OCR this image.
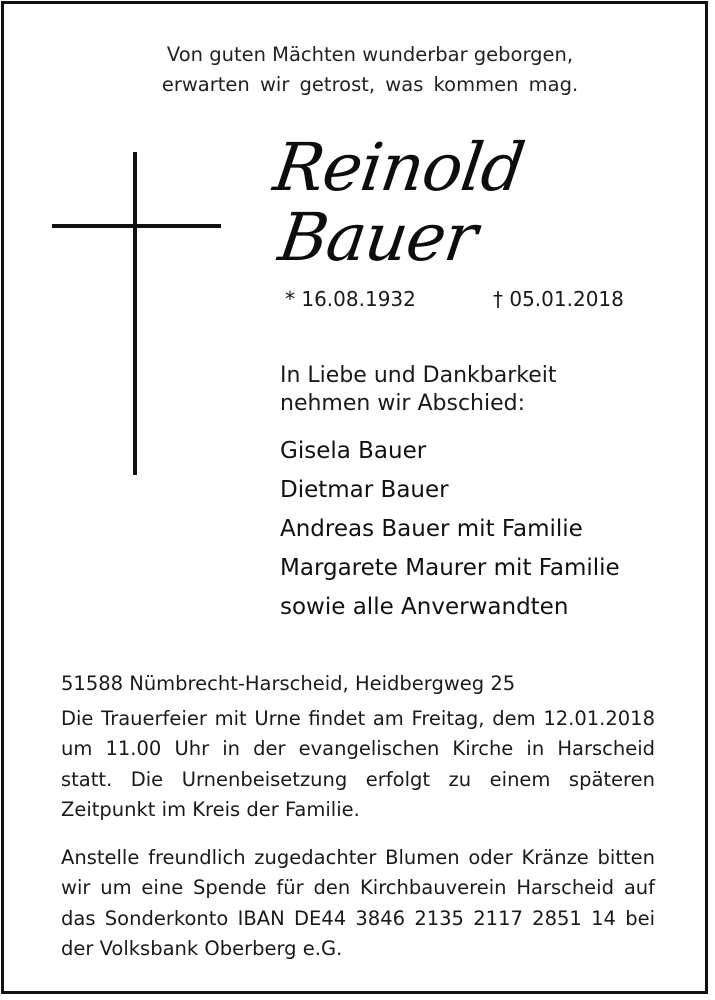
Von guten Mächten wunderbar geborgen,
erwarten wir getrost, was kommen mag.
Reinold
Bauer
* 16.08.1932	† 05.01.2018
In Liebe und Dankbarkeit
nehmen wir Abschied:
Gisela Bauer
Dietmar Bauer
Andreas Bauer mit Familie
Margarete Maurer mit Familie
sowie alle Anverwandten
51588 Nümbrecht-Harscheid, Heidbergweg 25
Die Trauerfeier mit Urne findet am Freitag, dem 12.01.2018 um 11.00 Uhr in der evangelischen Kirche in Harscheid statt. Die Urnenbeisetzung erfolgt zu einem späteren Zeitpunkt im Kreis der Familie.
Anstelle freundlich zugedachter Blumen oder Kränze bitten wir um eine Spende für den Kirchbauverein Harscheid auf das Sonderkonto IBAN DE44 3846 2135 2117 2851 14 bei der Volksbank Oberberg e.G.
